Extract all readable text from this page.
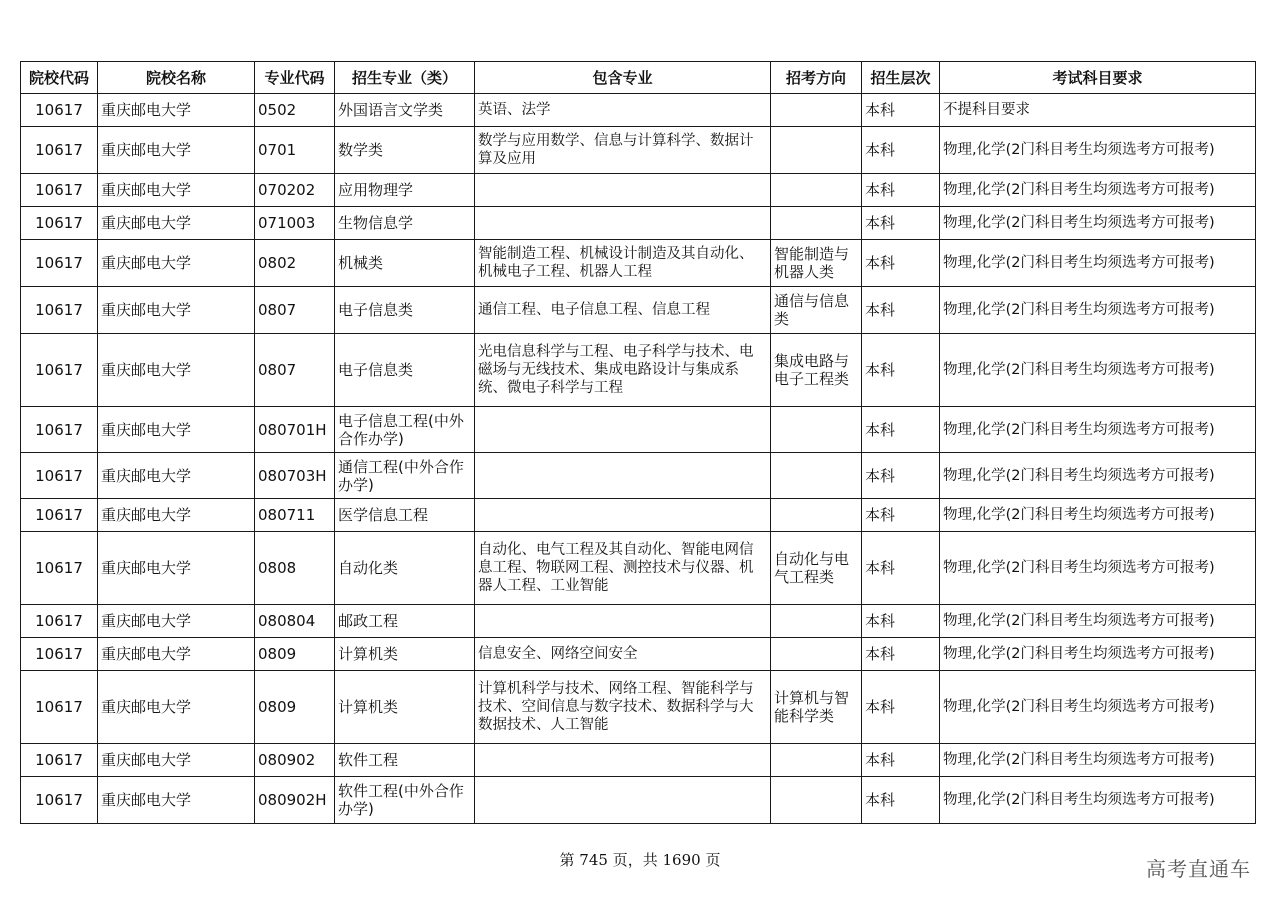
院校代码	院校名称	专业代码	招生专业（类）	包含专业	招考方向	招生层次	考试科目要求
10617	重庆邮电大学	0502	外国语言文学类	英语、法学		本科	不提科目要求
10617	重庆邮电大学	0701	数学类	数学与应用数学、信息与计算科学、数据计算及应用		本科	物理,化学(2门科目考生均须选考方可报考)
10617	重庆邮电大学	070202	应用物理学			本科	物理,化学(2门科目考生均须选考方可报考)
10617	重庆邮电大学	071003	生物信息学			本科	物理,化学(2门科目考生均须选考方可报考)
10617	重庆邮电大学	0802	机械类	智能制造工程、机械设计制造及其自动化、机械电子工程、机器人工程	智能制造与机器人类	本科	物理,化学(2门科目考生均须选考方可报考)
10617	重庆邮电大学	0807	电子信息类	通信工程、电子信息工程、信息工程	通信与信息类	本科	物理,化学(2门科目考生均须选考方可报考)
10617	重庆邮电大学	0807	电子信息类	光电信息科学与工程、电子科学与技术、电磁场与无线技术、集成电路设计与集成系统、微电子科学与工程	集成电路与电子工程类	本科	物理,化学(2门科目考生均须选考方可报考)
10617	重庆邮电大学	080701H	电子信息工程(中外合作办学)			本科	物理,化学(2门科目考生均须选考方可报考)
10617	重庆邮电大学	080703H	通信工程(中外合作办学)			本科	物理,化学(2门科目考生均须选考方可报考)
10617	重庆邮电大学	080711	医学信息工程			本科	物理,化学(2门科目考生均须选考方可报考)
10617	重庆邮电大学	0808	自动化类	自动化、电气工程及其自动化、智能电网信息工程、物联网工程、测控技术与仪器、机器人工程、工业智能	自动化与电气工程类	本科	物理,化学(2门科目考生均须选考方可报考)
10617	重庆邮电大学	080804	邮政工程			本科	物理,化学(2门科目考生均须选考方可报考)
10617	重庆邮电大学	0809	计算机类	信息安全、网络空间安全		本科	物理,化学(2门科目考生均须选考方可报考)
10617	重庆邮电大学	0809	计算机类	计算机科学与技术、网络工程、智能科学与技术、空间信息与数字技术、数据科学与大数据技术、人工智能	计算机与智能科学类	本科	物理,化学(2门科目考生均须选考方可报考)
10617	重庆邮电大学	080902	软件工程			本科	物理,化学(2门科目考生均须选考方可报考)
10617	重庆邮电大学	080902H	软件工程(中外合作办学)			本科	物理,化学(2门科目考生均须选考方可报考)
第 745 页，共 1690 页	高考直通车
